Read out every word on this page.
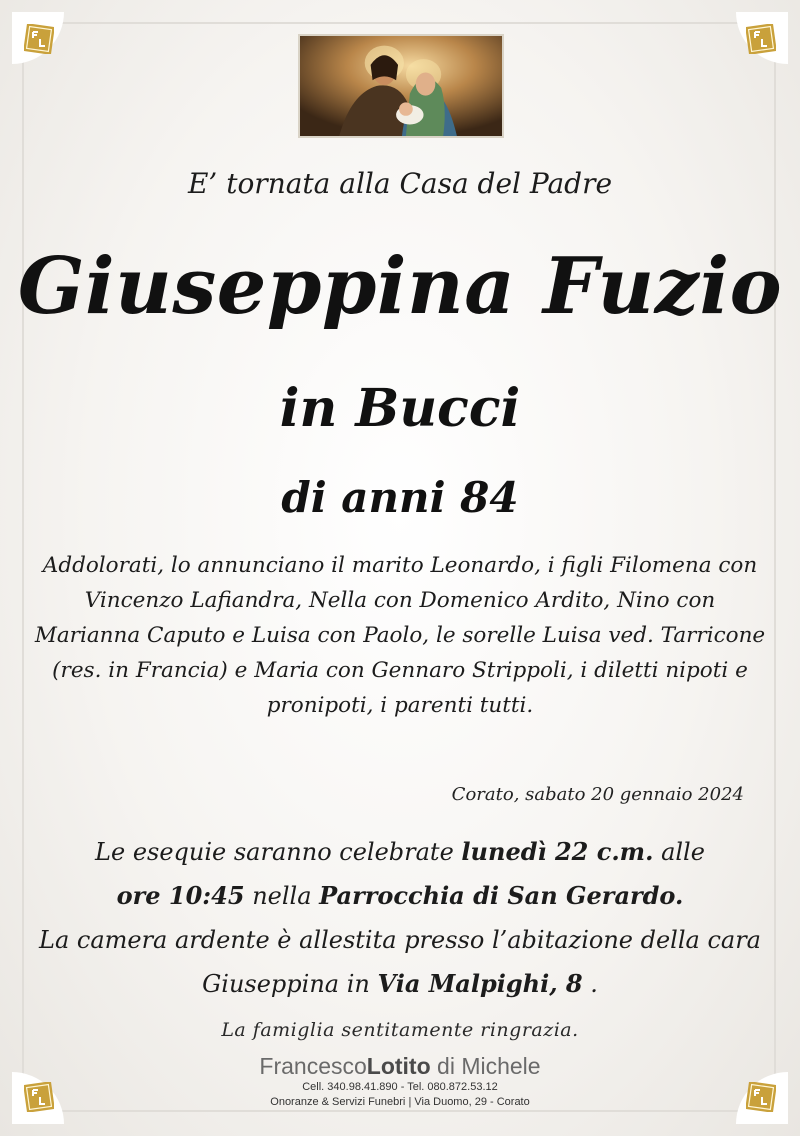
E’ tornata alla Casa del Padre
Giuseppina Fuzio
in Bucci
di anni 84
Addolorati, lo annunciano il marito Leonardo, i figli Filomena con Vincenzo Lafiandra, Nella con Domenico Ardito, Nino con Marianna Caputo e Luisa con Paolo, le sorelle Luisa ved. Tarricone (res. in Francia) e Maria con Gennaro Strippoli, i diletti nipoti e pronipoti, i parenti tutti.
Corato, sabato 20 gennaio 2024
Le esequie saranno celebrate lunedì 22 c.m. alle
ore 10:45 nella Parrocchia di San Gerardo.
La camera ardente è allestita presso l’abitazione della cara
Giuseppina in Via Malpighi, 8 .
La famiglia sentitamente ringrazia.
FrancescoLotito di Michele
Cell. 340.98.41.890 - Tel. 080.872.53.12
Onoranze & Servizi Funebri | Via Duomo, 29 - Corato
